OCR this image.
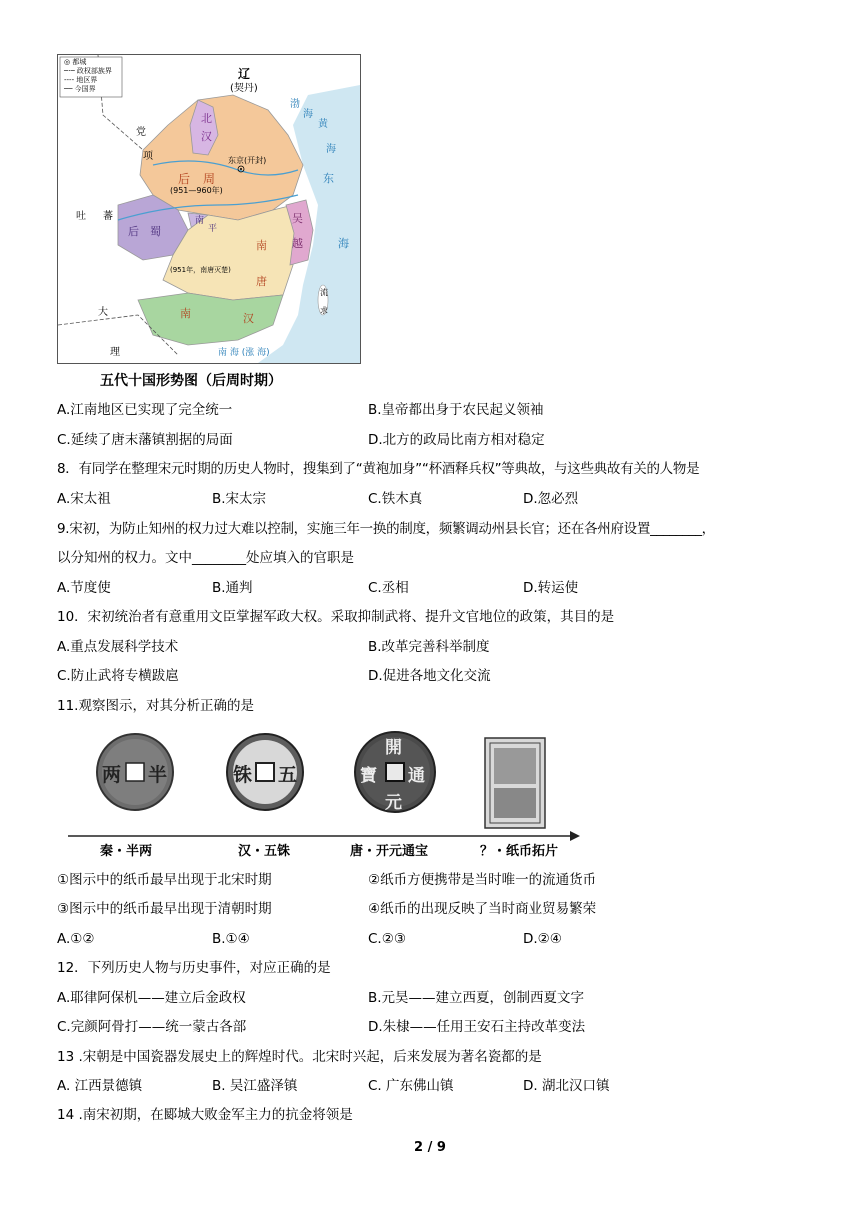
◎ 都城
─·─ 政权部族界
---- 地区界
── 今国界
辽
(契丹)
党
项
吐 蕃
大
理
北
汉
后 周
(951—960年)
东京(开封)
后　蜀
南
平
吴
越
南
唐
(951年，南唐灭楚)
南	汉
流
求
渤
海
黄
海
东
海
南 海 (涨 海)
五代十国形势图（后周时期）
A.江南地区已实现了完全统一	B.皇帝都出身于农民起义领袖
C.延续了唐末藩镇割据的局面	D.北方的政局比南方相对稳定
8．有同学在整理宋元时期的历史人物时，搜集到了“黄袍加身”“杯酒释兵权”等典故，与这些典故有关的人物是
A.宋太祖	B.宋太宗	C.铁木真	D.忽必烈
9.宋初，为防止知州的权力过大难以控制，实施三年一换的制度，频繁调动州县长官；还在各州府设置________，
以分知州的权力。文中________处应填入的官职是
A.节度使	B.通判	C.丞相	D.转运使
10．宋初统治者有意重用文臣掌握军政大权。采取抑制武将、提升文官地位的政策，其目的是
A.重点发展科学技术	B.改革完善科举制度
C.防止武将专横跋扈	D.促进各地文化交流
11.观察图示，对其分析正确的是
两 半	铢 五
開
通
元
寶
秦・半两	汉・五铢	唐・开元通宝	？・纸币拓片
①图示中的纸币最早出现于北宋时期	②纸币方便携带是当时唯一的流通货币
③图示中的纸币最早出现于清朝时期	④纸币的出现反映了当时商业贸易繁荣
A.①②	B.①④	C.②③	D.②④
12．下列历史人物与历史事件，对应正确的是
A.耶律阿保机——建立后金政权	B.元昊——建立西夏，创制西夏文字
C.完颜阿骨打——统一蒙古各部	D.朱棣——任用王安石主持改革变法
13 .宋朝是中国瓷器发展史上的辉煌时代。北宋时兴起，后来发展为著名瓷都的是
A. 江西景德镇	B. 吴江盛泽镇	C. 广东佛山镇	D. 湖北汉口镇
14 .南宋初期，在郾城大败金军主力的抗金将领是
2 / 9
